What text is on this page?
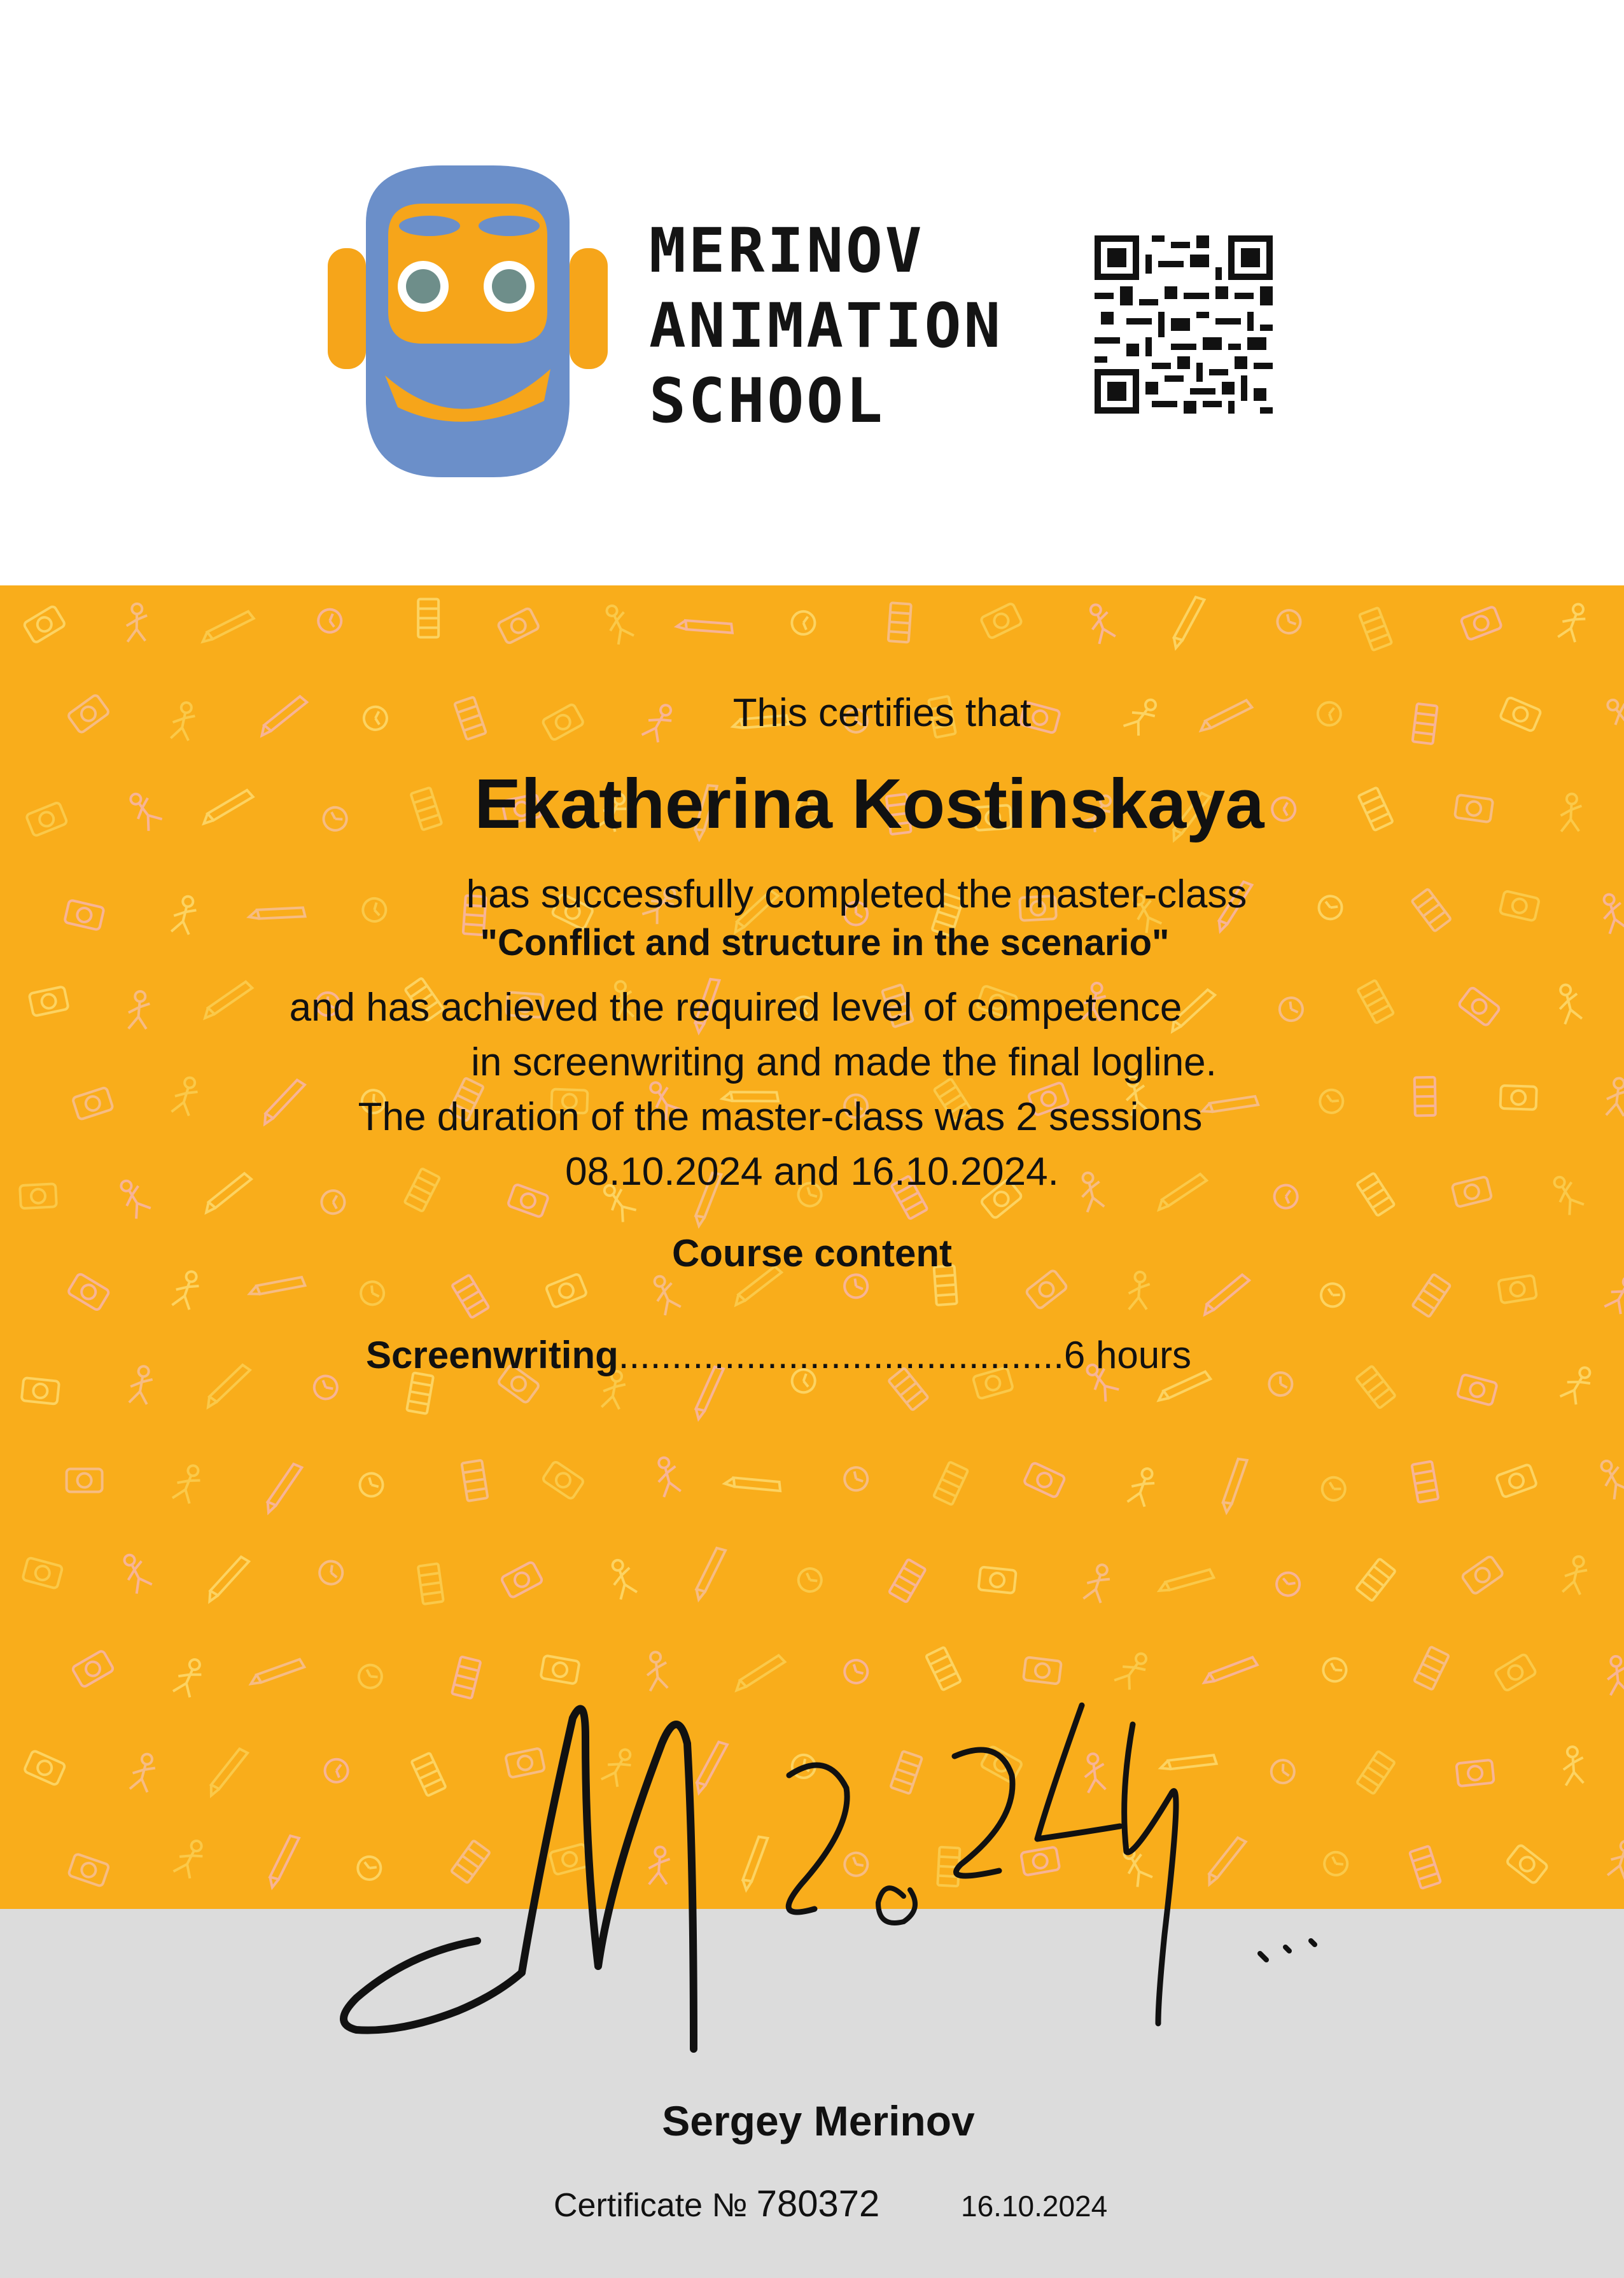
MERINOV
ANIMATION
SCHOOL
This certifies that
Ekatherina Kostinskaya
has successfully completed the master-class
"Conflict and structure in the scenario"
and has achieved the required level of competence
in screenwriting and made the final logline.
The duration of the master-class was 2 sessions
08.10.2024 and 16.10.2024.
Course content
Screenwriting..........................................6 hours
Sergey Merinov
Certificate № 780372	16.10.2024
